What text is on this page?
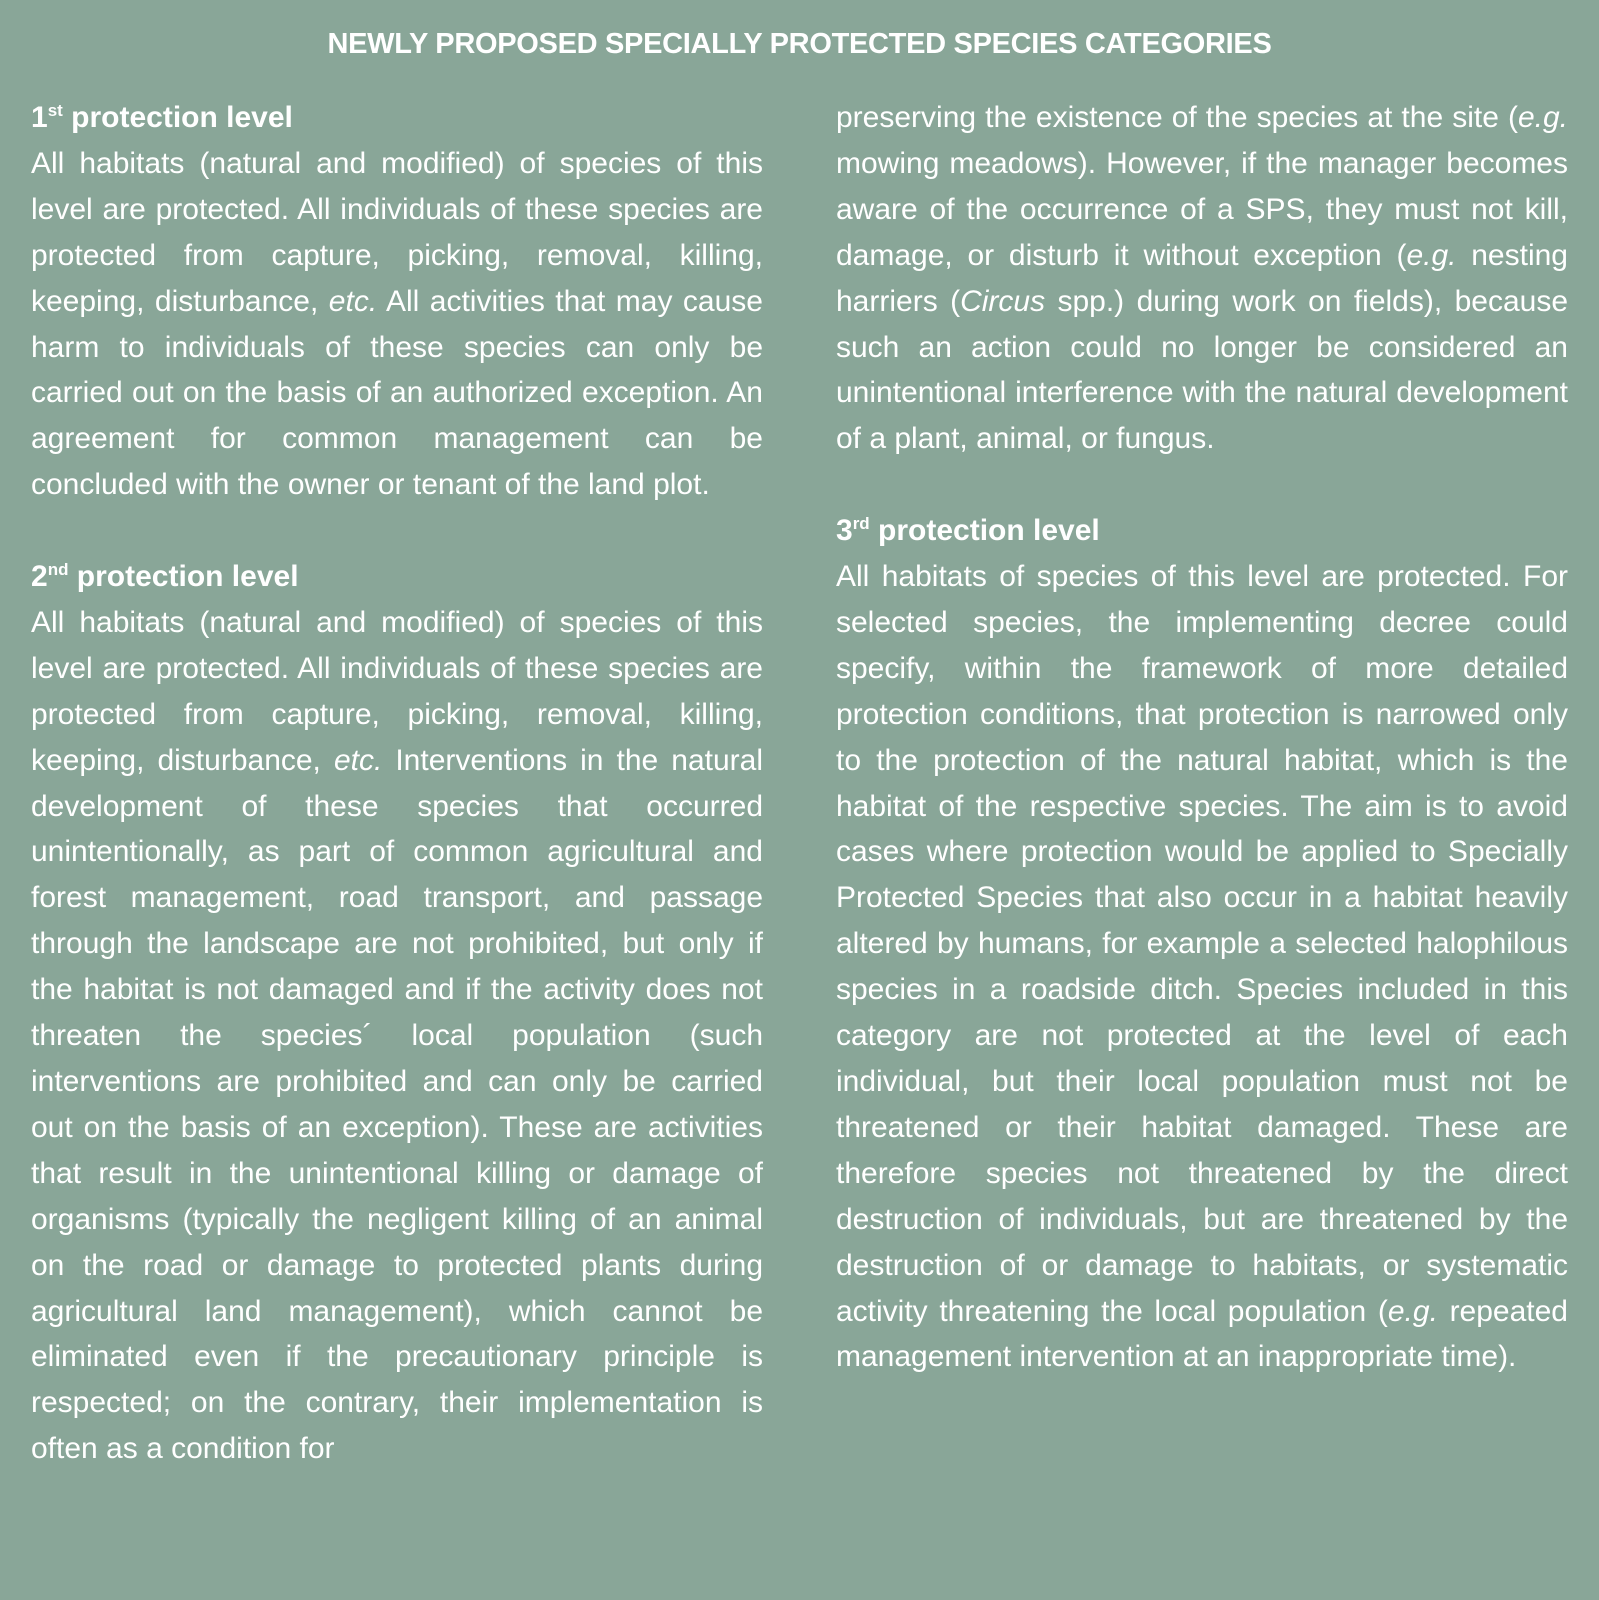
NEWLY PROPOSED SPECIALLY PROTECTED SPECIES CATEGORIES
1st protection level

All habitats (natural and modified) of species of this level are protected. All individuals of these species are protected from capture, picking, removal, killing, keeping, disturbance, etc. All activities that may cause harm to individuals of these species can only be carried out on the basis of an authorized exception. An agreement for common management can be concluded with the owner or tenant of the land plot.

2nd protection level

All habitats (natural and modified) of species of this level are protected. All individuals of these species are protected from capture, picking, removal, killing, keeping, disturbance, etc. Interventions in the natural development of these species that occurred unintentionally, as part of common agricultural and forest management, road transport, and passage through the landscape are not prohibited, but only if the habitat is not damaged and if the activity does not threaten the species´ local population (such interventions are prohibited and can only be carried out on the basis of an exception). These are activities that result in the unintentional killing or damage of organisms (typically the negligent killing of an animal on the road or damage to protected plants during agricultural land management), which cannot be eliminated even if the precautionary principle is respected; on the contrary, their implementation is often as a condition for

preserving the existence of the species at the site (e.g. mowing meadows). However, if the manager becomes aware of the occurrence of a SPS, they must not kill, damage, or disturb it without exception (e.g. nesting harriers (Circus spp.) during work on fields), because such an action could no longer be considered an unintentional interference with the natural development of a plant, animal, or fungus.

3rd protection level

All habitats of species of this level are protected. For selected species, the implementing decree could specify, within the framework of more detailed protection conditions, that protection is narrowed only to the protection of the natural habitat, which is the habitat of the respective species. The aim is to avoid cases where protection would be applied to Specially Protected Species that also occur in a habitat heavily altered by humans, for example a selected halophilous species in a roadside ditch. Species included in this category are not protected at the level of each individual, but their local population must not be threatened or their habitat damaged. These are therefore species not threatened by the direct destruction of individuals, but are threatened by the destruction of or damage to habitats, or systematic activity threatening the local population (e.g. repeated management intervention at an inappropriate time).
